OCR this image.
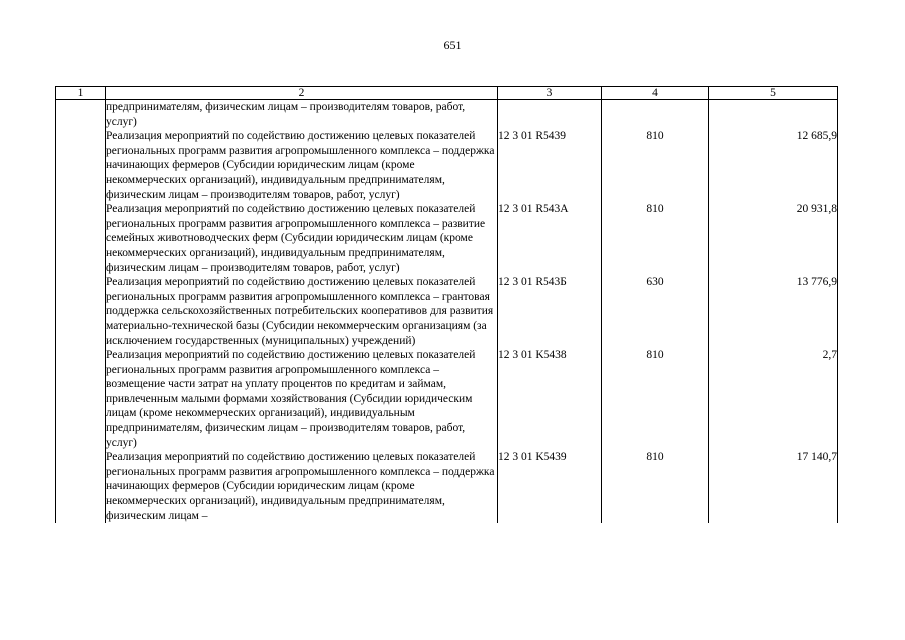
651
1	2	3	4	5
	предпринимателям, физическим лицам – производителям товаров, работ, услуг)			
	Реализация мероприятий по содействию достижению целевых показателей региональных программ развития агропромышленного комплекса – поддержка начинающих фермеров (Субсидии юридическим лицам (кроме некоммерческих организаций), индивидуальным предпринимателям, физическим лицам – производителям товаров, работ, услуг)	12 3 01 R5439	810	12 685,9
	Реализация мероприятий по содействию достижению целевых показателей региональных программ развития агропромышленного комплекса – развитие семейных животноводческих ферм (Субсидии юридическим лицам (кроме некоммерческих организаций), индивидуальным предпринимателям, физическим лицам – производителям товаров, работ, услуг)	12 3 01 R543А	810	20 931,8
	Реализация мероприятий по содействию достижению целевых показателей региональных программ развития агропромышленного комплекса – грантовая поддержка сельскохозяйственных потребительских кооперативов для развития материально-технической базы (Субсидии некоммерческим организациям (за исключением государственных (муниципальных) учреждений)	12 3 01 R543Б	630	13 776,9
	Реализация мероприятий по содействию достижению целевых показателей региональных программ развития агропромышленного комплекса – возмещение части затрат на уплату процентов по кредитам и займам, привлеченным малыми формами хозяйствования (Субсидии юридическим лицам (кроме некоммерческих организаций), индивидуальным предпринимателям, физическим лицам – производителям товаров, работ, услуг)	12 3 01 K5438	810	2,7
	Реализация мероприятий по содействию достижению целевых показателей региональных программ развития агропромышленного комплекса – поддержка начинающих фермеров (Субсидии юридическим лицам (кроме некоммерческих организаций), индивидуальным предпринимателям, физическим лицам –	12 3 01 K5439	810	17 140,7
